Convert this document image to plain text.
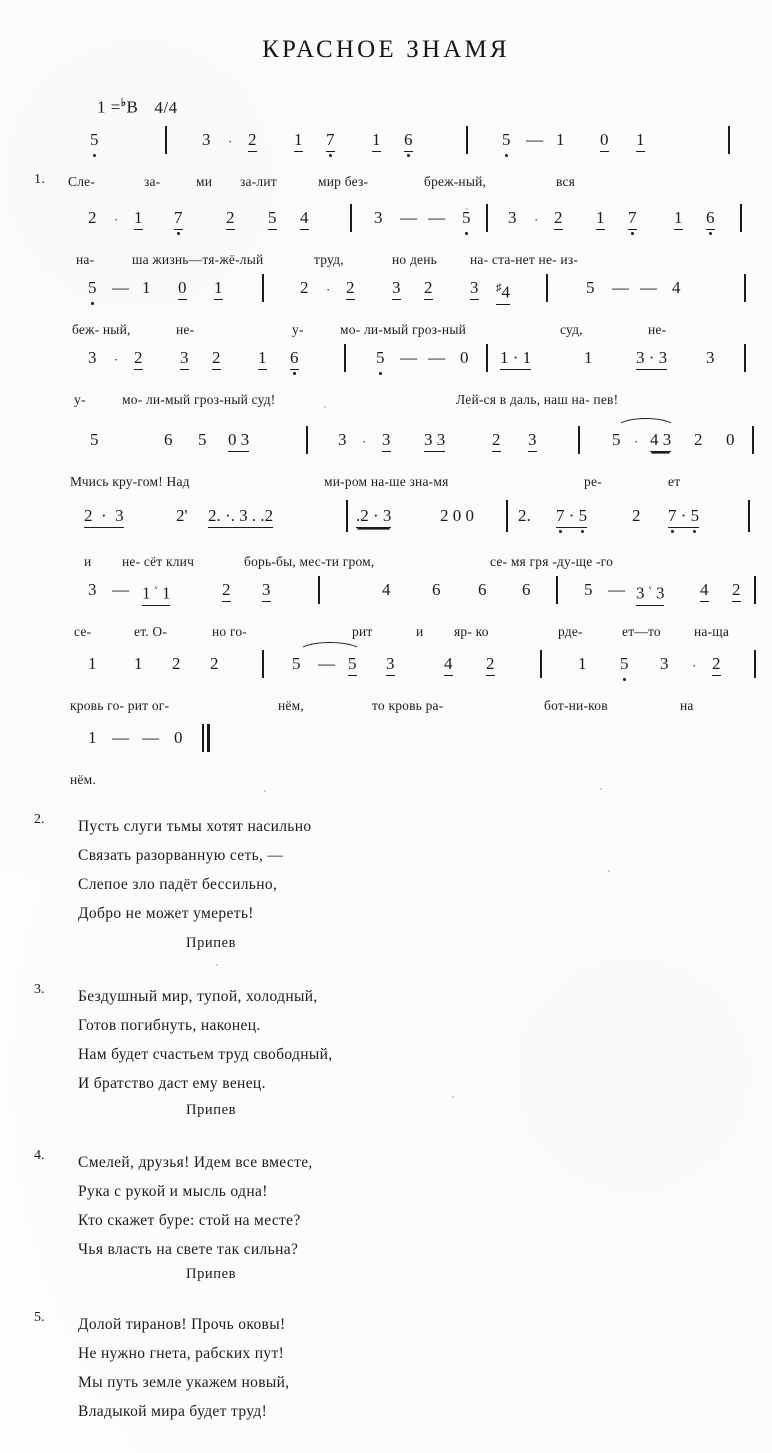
КРАСНОЕ ЗНАМЯ

1 =♭B 4/4

1.
5	3 · 2 1 7 1 6	5 — 1 0 1
Сле-	за-	ми за-лит	мир без-	бреж-ный,	вся
2 · 1 7	2 5 4	3 — — 5 3 · 2 1 7 1 6
на-	ша жизнь—тя-жё-лый	труд,	но день на- ста-нет не- из-
5 — 1 0 1	2 · 2 3 2 3 ♯4	5 — — 4
беж- ный,	не-	у-	мо- ли-мый гроз-ный	суд,	не-
3 · 2 3 2 1 6	5 — — 0 1 · 1	1	3 · 3 3
у-	мо- ли-мый гроз-ный суд!	Лей-ся в даль, наш на- пев!
5	6 5 0 3	3 · 3 3 3	2 3	5 · 4 3 2 0
Мчись кру-гом! Над	ми-ром на-ше зна-мя	ре-	ет
2  ·  3	2' 2. ·. 3 . .2	.2 · 3	2 0 0	2. 7 · 5	2 7 · 5
и не- сёт клич	борь-бы, мес-ти гром,	се- мя гря -ду-ще -го
3 — 1 $^ᵛ$ 1	2 3	4 6 6 6	5 — 3 $^ᵛ$ 3 4 2
се-	ет. О-	но го-	рит	и яр- ко	рде-	ет—то на-ща
1 1 2 2	5 — 5 3	4 2	1 5 3 · 2
кровь го- рит ог-	нём,	то кровь ра-	бот-ни-ков	на
1 — — 0
нём.
2. Пусть слуги тьмы хотят насильно
Связать разорванную сеть, —
Слепое зло падёт бессильно,
Добро не может умереть!
Припев
3. Бездушный мир, тупой, холодный,
Готов погибнуть, наконец.
Нам будет счастьем труд свободный,
И братство даст ему венец.
Припев
4. Смелей, друзья! Идем все вместе,
Рука с рукой и мысль одна!
Кто скажет буре: стой на месте?
Чья власть на свете так сильна?
Припев
5. Долой тиранов! Прочь оковы!
Не нужно гнета, рабских пут!
Мы путь земле укажем новый,
Владыкой мира будет труд!
